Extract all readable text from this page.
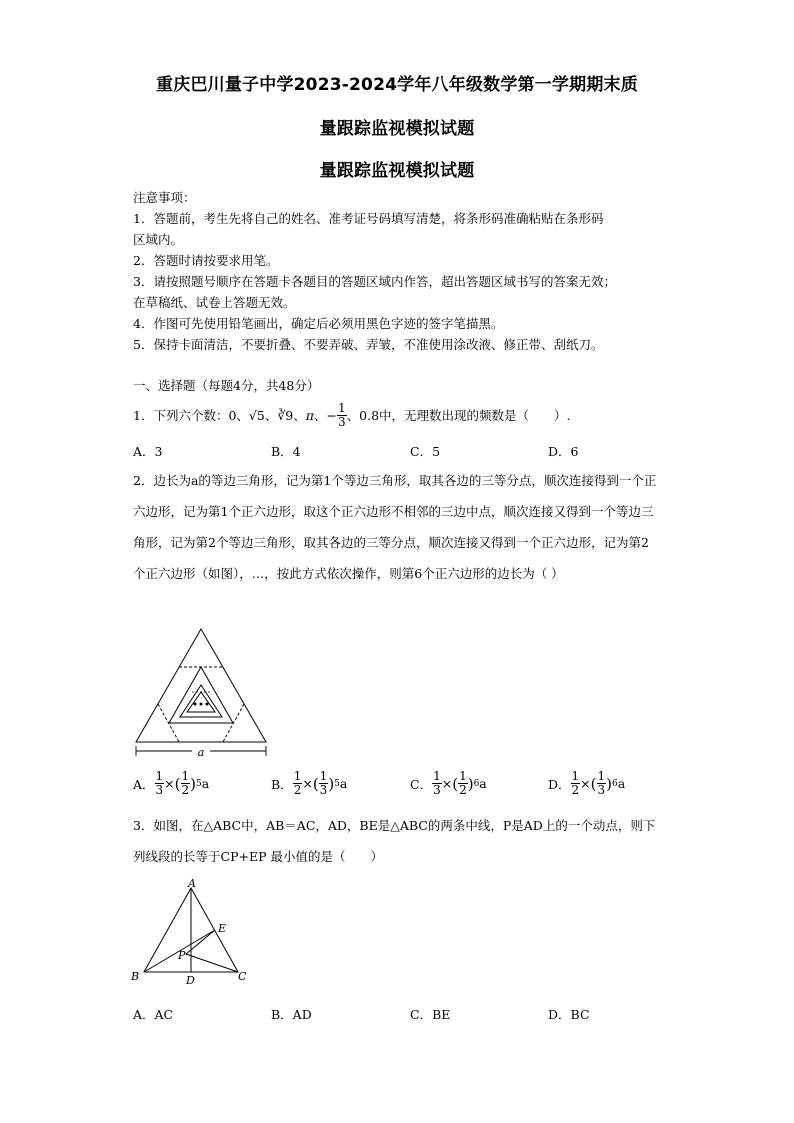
重庆巴川量子中学2023-2024学年八年级数学第一学期期末质
量跟踪监视模拟试题
量跟踪监视模拟试题
注意事项：
1．答题前，考生先将自己的姓名、准考证号码填写清楚，将条形码准确粘贴在条形码
区域内。
2．答题时请按要求用笔。
3．请按照题号顺序在答题卡各题目的答题区域内作答，超出答题区域书写的答案无效；
在草稿纸、试卷上答题无效。
4．作图可先使用铅笔画出，确定后必须用黑色字迹的签字笔描黑。
5．保持卡面清洁，不要折叠、不要弄破、弄皱，不准使用涂改液、修正带、刮纸刀。
一、选择题（每题4分，共48分）
1．下列六个数：0、 √5 、 ∛9 、 π 、− $\frac{1}{3}$ 、 0.8 中，无理数出现的频数是（　　）.
A．3	B．4	C．5	D．6
2．边长为a的等边三角形，记为第1个等边三角形，取其各边的三等分点，顺次连接得到一个正六边形，记为第1个正六边形，取这个正六边形不相邻的三边中点，顺次连接又得到一个等边三角形，记为第2个等边三角形，取其各边的三等分点，顺次连接又得到一个正六边形，记为第2个正六边形（如图），…，按此方式依次操作，则第6个正六边形的边长为（ ）
a
A． $\frac{1}{3}$ × ( $\frac{1}{2}$ ) 5 a	B． $\frac{1}{2}$ × ( $\frac{1}{3}$ ) 5 a	C． $\frac{1}{3}$ × ( $\frac{1}{2}$ ) 6 a	D． $\frac{1}{2}$ × ( $\frac{1}{3}$ ) 6 a
3．如图，在△ABC中，AB＝AC，AD，BE是△ABC的两条中线，P是AD上的一个动点，则下列线段的长等于CP+EP 最小值的是（　　）
A
B	C
D
E
P
A．AC	B．AD	C．BE	D．BC
